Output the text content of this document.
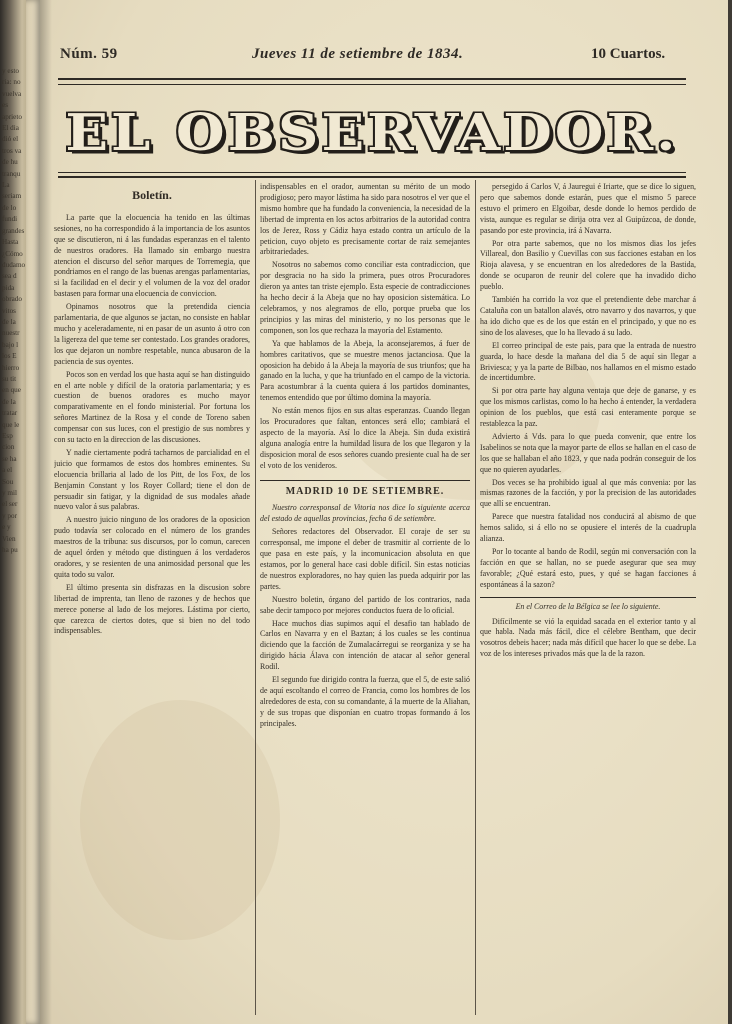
y esto
ria: no
vuelva
es
aprieto
El dia
dió el
tros va
de hu
tranqu
La
seriam
de lo
fundi
grandes
Hasta
¿Cómo
dudamo
sea d
pida
obrado
vitos
de la
nuestr
bajo l
los E
hierro
su tit
en que
de la
tratar
que le
Esp
cion
se ha
a el
Sou
y mil
el ser
y por
e y
Vien
ha pu
Núm. 59	Jueves 11 de setiembre de 1834.	10 Cuartos.
EL OBSERVADOR.
Boletín.

La parte que la elocuencia ha tenido en las últimas sesiones, no ha correspondido á la importancia de los asuntos que se discutieron, ni á las fundadas esperanzas en el talento de nuestros oradores. Ha llamado sin embargo nuestra atencion el discurso del señor marques de Torremegia, que pondriamos en el rango de las buenas arengas parlamentarias, si la facilidad en el decir y el volumen de la voz del orador bastasen para formar una elocuencia de conviccion.

Opinamos nosotros que la pretendida ciencia parlamentaria, de que algunos se jactan, no consiste en hablar mucho y aceleradamente, ni en pasar de un asunto á otro con la ligereza del que teme ser contestado. Los grandes oradores, los que dejaron un nombre respetable, nunca abusaron de la paciencia de sus oyentes.

Pocos son en verdad los que hasta aquí se han distinguido en el arte noble y difícil de la oratoria parlamentaria; y es cuestion de buenos oradores es mucho mayor comparativamente en el fondo ministerial. Por fortuna los señores Martinez de la Rosa y el conde de Toreno saben compensar con sus luces, con el prestigio de sus nombres y con su tacto en la direccion de las discusiones.

Y nadie ciertamente podrá tacharnos de parcialidad en el juicio que formamos de estos dos hombres eminentes. Su elocuencia brillaria al lado de los Pitt, de los Fox, de los Benjamin Constant y los Royer Collard; tiene el don de persuadir sin fatigar, y la dignidad de sus modales añade nuevo valor á sus palabras.

A nuestro juicio ninguno de los oradores de la oposicion pudo todavía ser colocado en el número de los grandes maestros de la tribuna: sus discursos, por lo comun, carecen de aquel órden y método que distinguen á los verdaderos oradores, y se resienten de una animosidad personal que les quita todo su valor.

El último presenta sin disfrazas en la discusion sobre libertad de imprenta, tan lleno de razones y de hechos que merece ponerse al lado de los mejores. Lástima por cierto, que carezca de ciertos dotes, que si bien no del todo indispensables.

indispensables en el orador, aumentan su mérito de un modo prodigioso; pero mayor lástima ha sido para nosotros el ver que el mismo hombre que ha fundado la conveniencia, la necesidad de la libertad de imprenta en los actos arbitrarios de la autoridad contra los de Jerez, Ross y Cádiz haya estado contra un artículo de la peticion, cuyo objeto es precisamente cortar de raiz semejantes arbitrariedades.

Nosotros no sabemos como conciliar esta contradiccion, que por desgracia no ha sido la primera, pues otros Procuradores dieron ya antes tan triste ejemplo. Esta especie de contradicciones ha hecho decir á la Abeja que no hay oposicion sistemática. Lo celebramos, y nos alegramos de ello, porque prueba que los principios y las miras del ministerio, y no los personas que le componen, son los que rechaza la mayoría del Estamento.

Ya que hablamos de la Abeja, la aconsejaremos, á fuer de hombres caritativos, que se muestre menos jactanciosa. Que la oposicion ha debido á la Abeja la mayoría de sus triunfos; que ha ganado en la lucha, y que ha triunfado en el campo de la victoria. Para acostumbrar á la cuenta quiera á los partidos dominantes, tenemos entendido que por último domina la mayoría.

No están menos fijos en sus altas esperanzas. Cuando llegan los Procuradores que faltan, entonces será ello; cambiará el aspecto de la mayoría. Así lo dice la Abeja. Sin duda existirá alguna analogía entre la humildad lisura de los que llegaron y la disposicion moral de esos señores cuando presiente cual ha de ser el voto de los venideros.

MADRID 10 DE SETIEMBRE.

Nuestro corresponsal de Vitoria nos dice lo siguiente acerca del estado de aquellas provincias, fecha 6 de setiembre.

Señores redactores del Observador. El coraje de ser su corresponsal, me impone el deber de trasmitir al corriente de lo que pasa en este país, y la incomunicacion absoluta en que estamos, por lo general hace casi doble difícil. Sin estas noticias de nuestros exploradores, no hay quien las pueda adquirir por las partes.

Nuestro boletin, órgano del partido de los contrarios, nada sabe decir tampoco por mejores conductos fuera de lo oficial.

Hace muchos dias supimos aquí el desafio tan hablado de Carlos en Navarra y en el Baztan; á los cuales se les continua diciendo que la facción de Zumalacárregui se reorganiza y se ha dirigido hácia Álava con intención de atacar al señor general Rodil.

El segundo fue dirigido contra la fuerza, que el 5, de este salió de aquí escoltando el correo de Francia, como los hombres de los alrededores de esta, con su comandante, á la muerte de la Aliahan, y de sus tropas que disponían en cuatro tropas formando á los principales.

persegido á Carlos V, á Jauregui é Iriarte, que se dice lo siguen, pero que sabemos donde estarán, pues que el mismo 5 parece estuvo el primero en Elgoibar, desde donde lo hemos perdido de vista, aunque es regular se dirija otra vez al Guipúzcoa, de donde, pasando por este provincia, irá á Navarra.

Por otra parte sabemos, que no los mismos dias los jefes Villareal, don Basilio y Cuevillas con sus facciones estaban en los Rioja alavesa, y se encuentran en los alrededores de la Bastida, donde se ocuparon de reunir del colere que ha invadido dicho pueblo.

También ha corrido la voz que el pretendiente debe marchar á Cataluña con un batallon alavés, otro navarro y dos navarros, y que ha ido dicho que es de los que están en el principado, y que no es sino de los alaveses, que lo ha llevado á su lado.

El correo principal de este pais, para que la entrada de nuestro guarda, lo hace desde la mañana del dia 5 de aquí sin llegar a Briviesca; y ya la parte de Bilbao, nos hallamos en el mismo estado de incertidumbre.

Si por otra parte hay alguna ventaja que deje de ganarse, y es que los mismos carlistas, como lo ha hecho á entender, la verdadera opinion de los pueblos, que está casi enteramente porque se restablezca la paz.

Advierto á Vds. para lo que pueda convenir, que entre los Isabelinos se nota que la mayor parte de ellos se hallan en el caso de los que se hallaban el año 1823, y que nada podrán conseguir de los que no quieren ayudarles.

Dos veces se ha prohibido igual al que más convenia: por las mismas razones de la facción, y por la precision de las autoridades que allí se encuentran.

Parece que nuestra fatalidad nos conducirá al abismo de que hemos salido, si á ello no se opusiere el interés de la cuadrupla alianza.

Por lo tocante al bando de Rodil, según mi conversación con la facción en que se hallan, no se puede asegurar que sea muy favorable; ¿Qué estará esto, pues, y qué se hagan facciones á espontáneas á la sazon?

En el Correo de la Bélgica se lee lo siguiente.

Difícilmente se vió la equidad sacada en el exterior tanto y al que habla. Nada más fácil, dice el célebre Bentham, que decir vosotros debeis hacer; nada más difícil que hacer lo que se debe. La voz de los intereses privados más que la de la razon.
